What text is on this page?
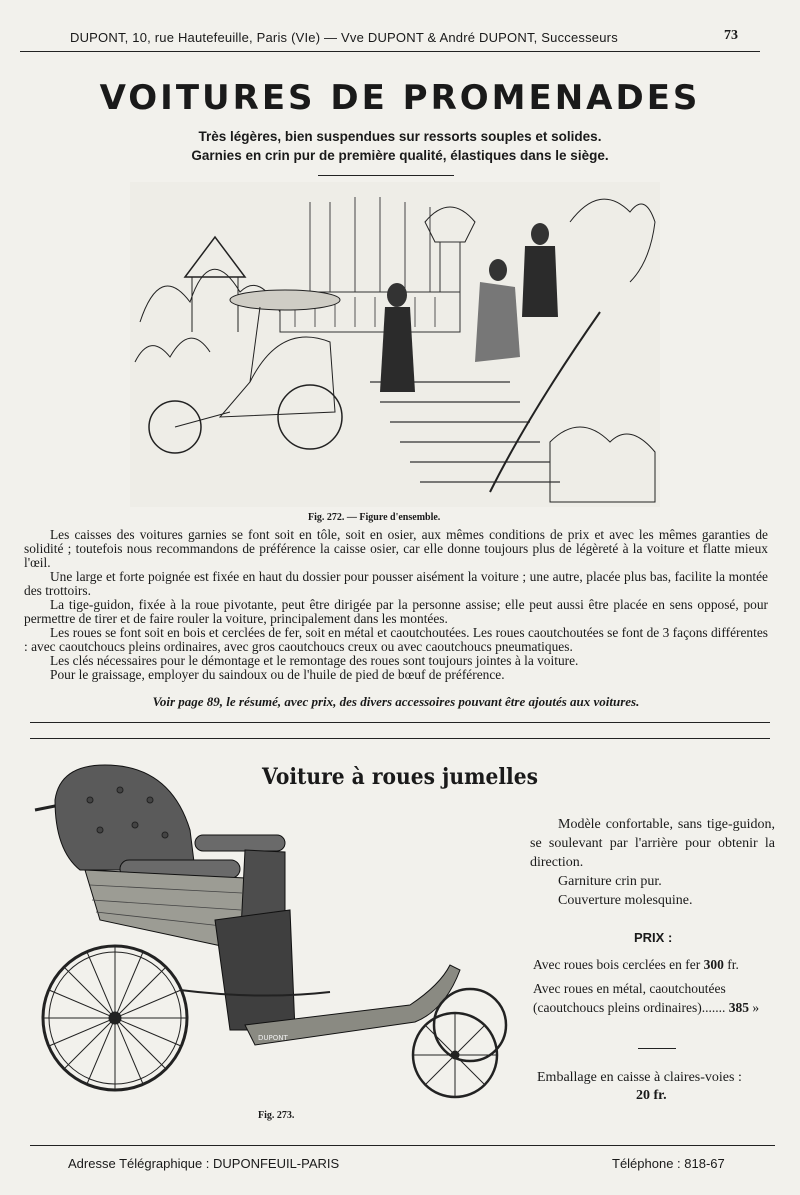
DUPONT, 10, rue Hautefeuille, Paris (VIe) — Vve DUPONT & André DUPONT, Successeurs	73
VOITURES DE PROMENADES
Très légères, bien suspendues sur ressorts souples et solides.
Garnies en crin pur de première qualité, élastiques dans le siège.
Fig. 272. — Figure d'ensemble.

Les caisses des voitures garnies se font soit en tôle, soit en osier, aux mêmes conditions de prix et avec les mêmes garanties de solidité ; toutefois nous recommandons de préférence la caisse osier, car elle donne toujours plus de légèreté à la voiture et flatte mieux l'œil.

Une large et forte poignée est fixée en haut du dossier pour pousser aisément la voiture ; une autre, placée plus bas, facilite la montée des trottoirs.

La tige-guidon, fixée à la roue pivotante, peut être dirigée par la personne assise; elle peut aussi être placée en sens opposé, pour permettre de tirer et de faire rouler la voiture, principalement dans les montées.

Les roues se font soit en bois et cerclées de fer, soit en métal et caoutchoutées. Les roues caoutchoutées se font de 3 façons différentes : avec caoutchoucs pleins ordinaires, avec gros caoutchoucs creux ou avec caoutchoucs pneumatiques.

Les clés nécessaires pour le démontage et le remontage des roues sont toujours jointes à la voiture.

Pour le graissage, employer du saindoux ou de l'huile de pied de bœuf de préférence.

Voir page 89, le résumé, avec prix, des divers accessoires pouvant être ajoutés aux voitures.
Voiture à roues jumelles
DUPONT
Fig. 273.

Modèle confortable, sans tige-guidon, se soulevant par l'arrière pour obtenir la direction.

Garniture crin pur.

Couverture molesquine.

PRIX :
Avec roues bois cerclées en fer 300 fr.
Avec roues en métal, caoutchoutées (caoutchoucs pleins ordinaires)....... 385 »
Emballage en caisse à claires-voies :
20 fr.
Adresse Télégraphique : DUPONFEUIL-PARIS	Téléphone : 818-67
